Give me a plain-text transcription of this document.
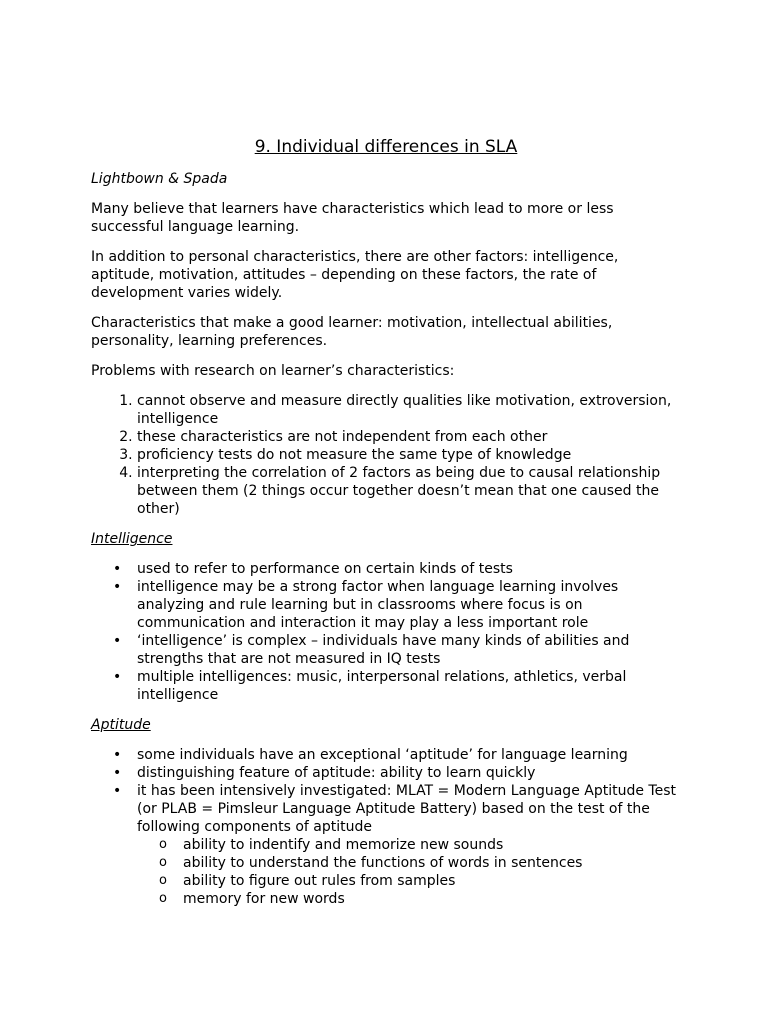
9. Individual differences in SLA

Lightbown & Spada

Many believe that learners have characteristics which lead to more or less successful language learning.

In addition to personal characteristics, there are other factors: intelligence, aptitude, motivation, attitudes – depending on these factors, the rate of development varies widely.

Characteristics that make a good learner: motivation, intellectual abilities, personality, learning preferences.

Problems with research on learner’s characteristics:

1. cannot observe and measure directly qualities like motivation, extroversion, intelligence
2. these characteristics are not independent from each other
3. proficiency tests do not measure the same type of knowledge
4. interpreting the correlation of 2 factors as being due to causal relationship between them (2 things occur together doesn’t mean that one caused the other)
Intelligence
• used to refer to performance on certain kinds of tests
• intelligence may be a strong factor when language learning involves analyzing and rule learning but in classrooms where focus is on communication and interaction it may play a less important role
• ‘intelligence’ is complex – individuals have many kinds of abilities and strengths that are not measured in IQ tests
• multiple intelligences: music, interpersonal relations, athletics, verbal intelligence
Aptitude
• some individuals have an exceptional ‘aptitude’ for language learning
• distinguishing feature of aptitude: ability to learn quickly
• it has been intensively investigated: MLAT = Modern Language Aptitude Test (or PLAB = Pimsleur Language Aptitude Battery) based on the test of the following components of aptitude
o ability to indentify and memorize new sounds
o ability to understand the functions of words in sentences
o ability to figure out rules from samples
o memory for new words
